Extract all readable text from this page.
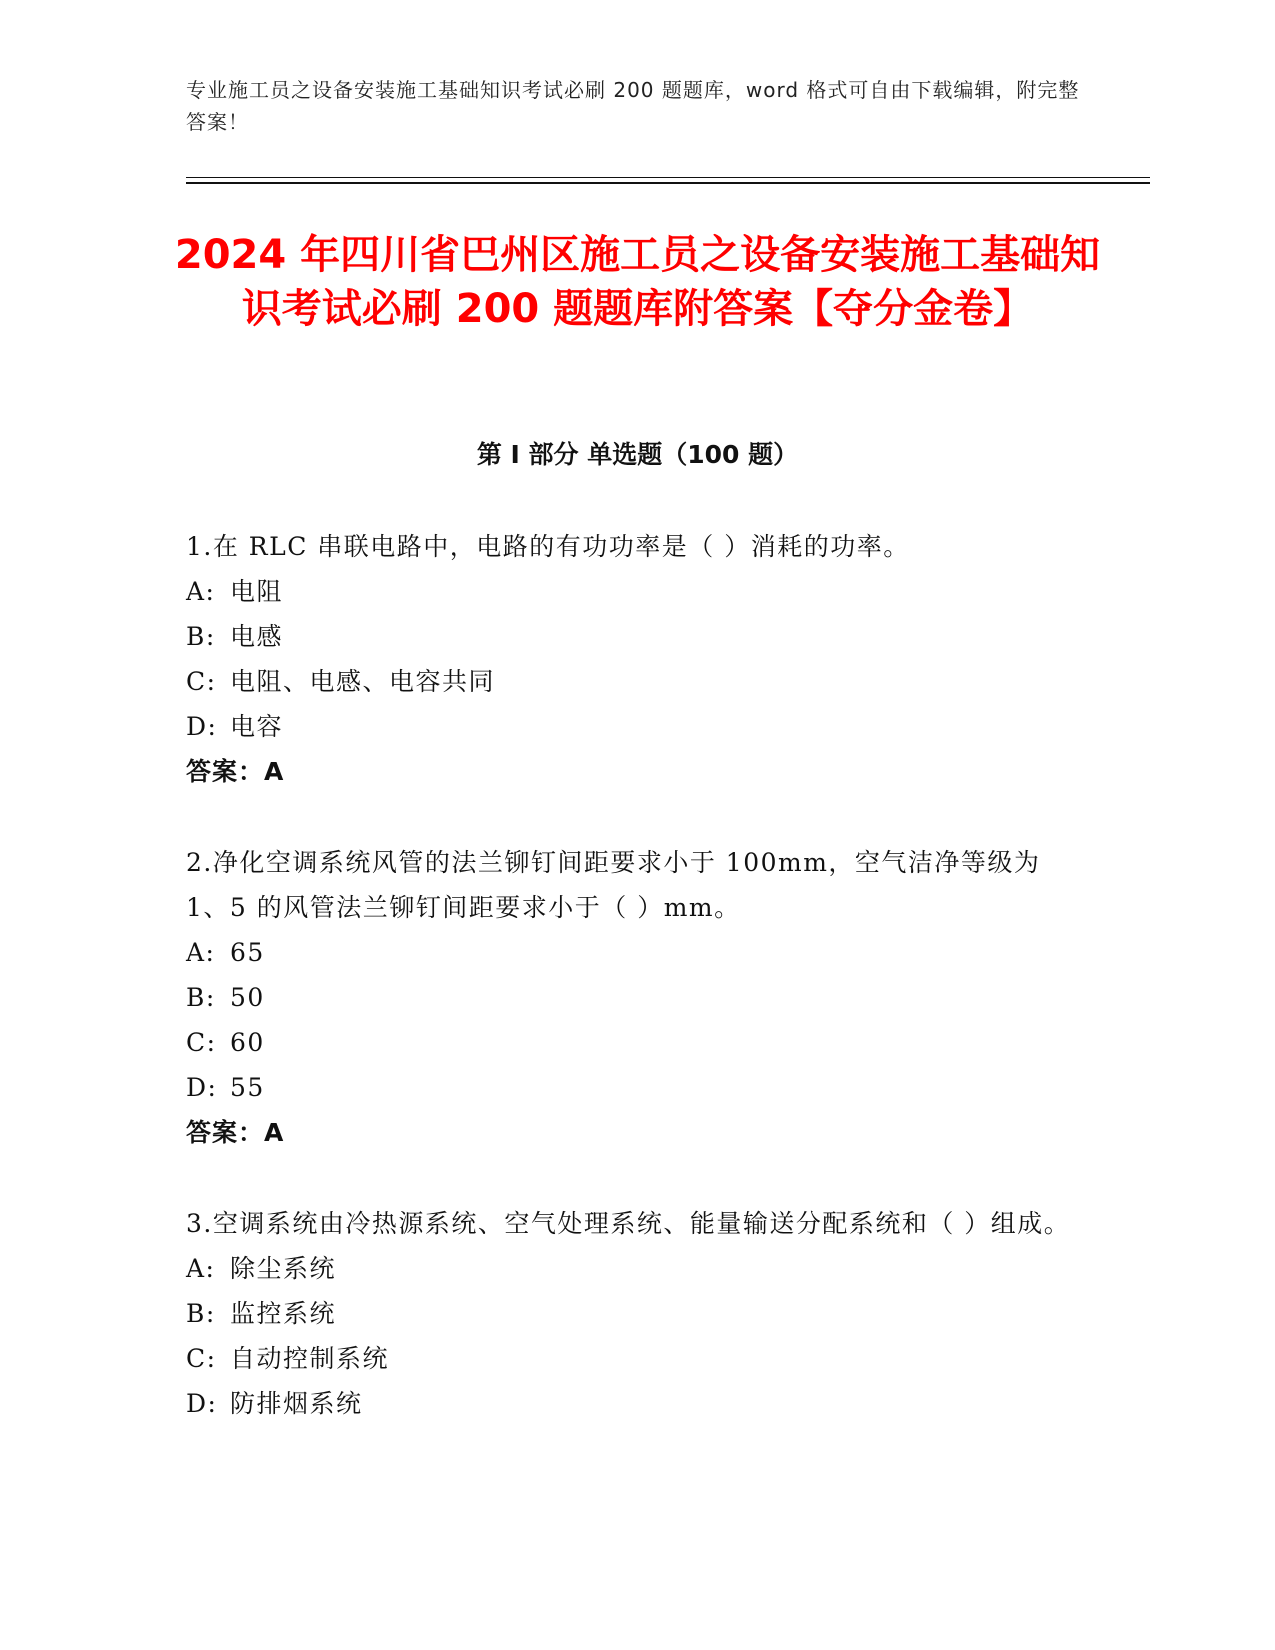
专业施工员之设备安装施工基础知识考试必刷 200 题题库，word 格式可自由下载编辑，附完整答案！
2024 年四川省巴州区施工员之设备安装施工基础知识考试必刷 200 题题库附答案【夺分金卷】
第 I 部分 单选题（100 题）

1.在 RLC 串联电路中，电路的有功功率是（ ）消耗的功率。

A: 电阻

B: 电感

C: 电阻、电感、电容共同

D: 电容

答案：A

2.净化空调系统风管的法兰铆钉间距要求小于 100mm，空气洁净等级为 1、5 的风管法兰铆钉间距要求小于（ ）mm。

A: 65

B: 50

C: 60

D: 55

答案：A

3.空调系统由冷热源系统、空气处理系统、能量输送分配系统和（ ）组成。

A: 除尘系统

B: 监控系统

C: 自动控制系统

D: 防排烟系统
